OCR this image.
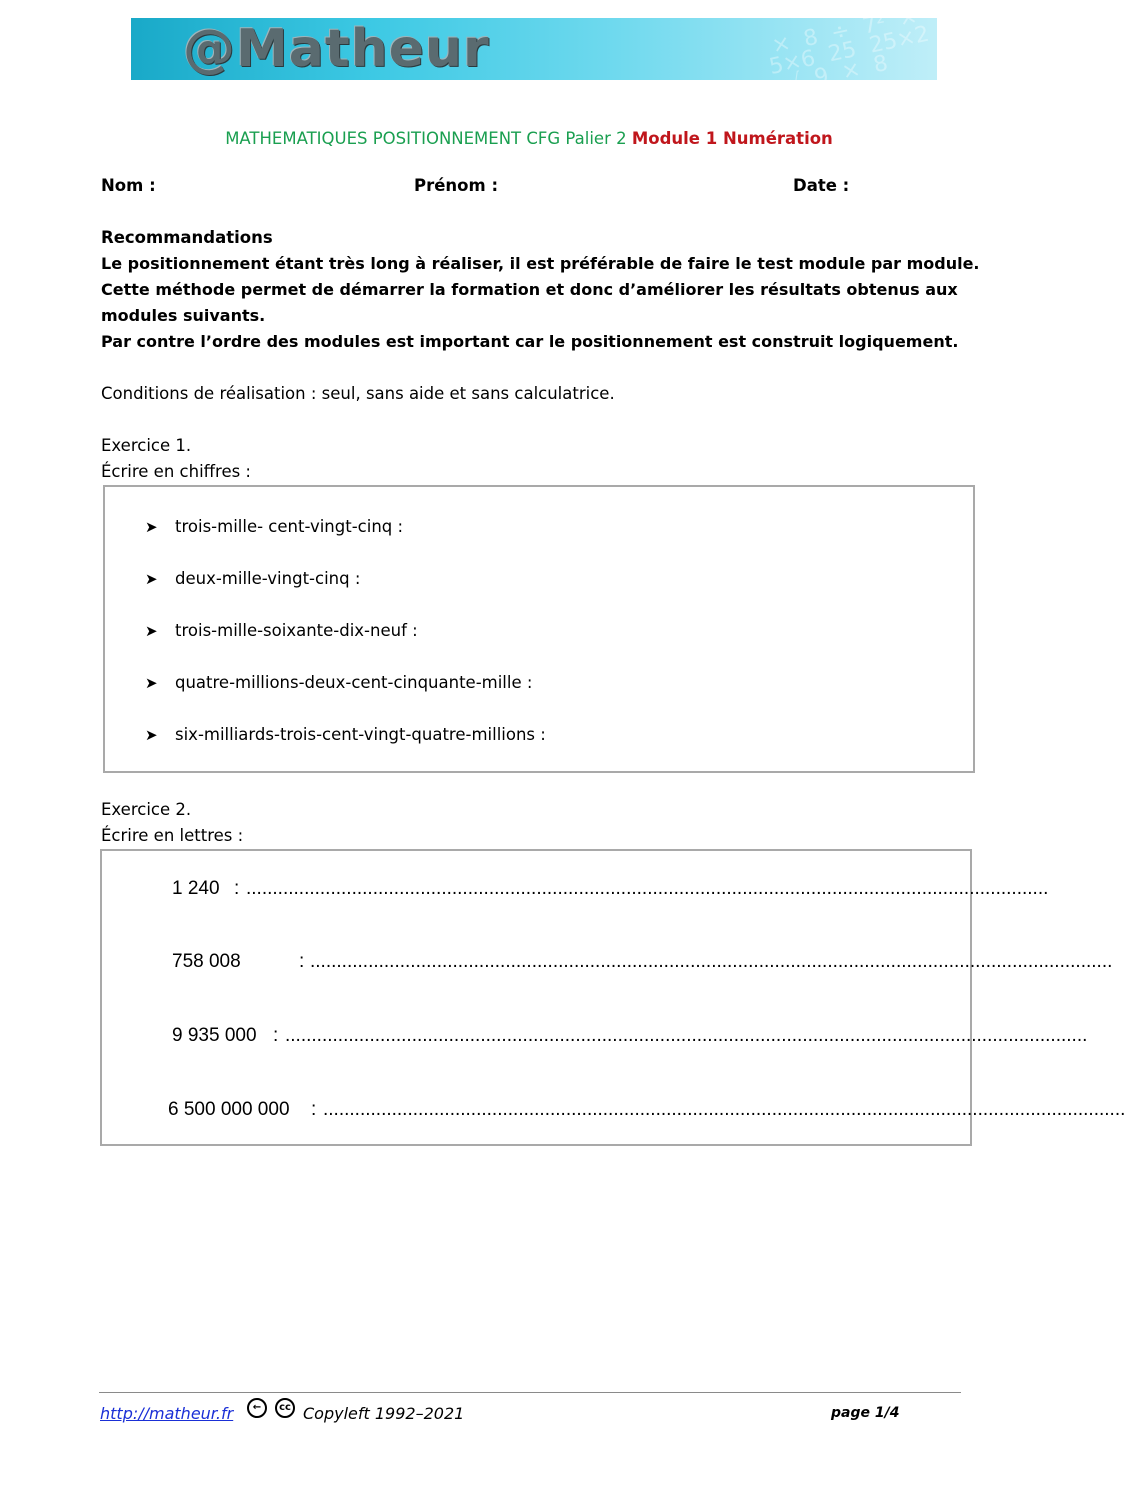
@Matheur	×  8  ÷  7²  ×
5×6  25  25×2
√  9  ×  8
MATHEMATIQUES POSITIONNEMENT CFG Palier 2 Module 1 Numération
Nom :	Prénom :	Date :
Recommandations
Le positionnement étant très long à réaliser, il est préférable de faire le test module par module.
Cette méthode permet de démarrer la formation et donc d’améliorer les résultats obtenus aux
modules suivants.
Par contre l’ordre des modules est important car le positionnement est construit logiquement.
Conditions de réalisation : seul, sans aide et sans calculatrice.
Exercice 1.
Écrire en chiffres :
➤ trois-mille- cent-vingt-cinq :
➤ deux-mille-vingt-cinq :
➤ trois-mille-soixante-dix-neuf :
➤ quatre-millions-deux-cent-cinquante-mille :
➤ six-milliards-trois-cent-vingt-quatre-millions :
Exercice 2.
Écrire en lettres :
1 240 : ........................................................................................................................................................
758 008	: ........................................................................................................................................................
9 935 000 : ........................................................................................................................................................
6 500 000 000 : ........................................................................................................................................................
http://matheur.fr	←	cc Copyleft 1992–2021	page 1/4
